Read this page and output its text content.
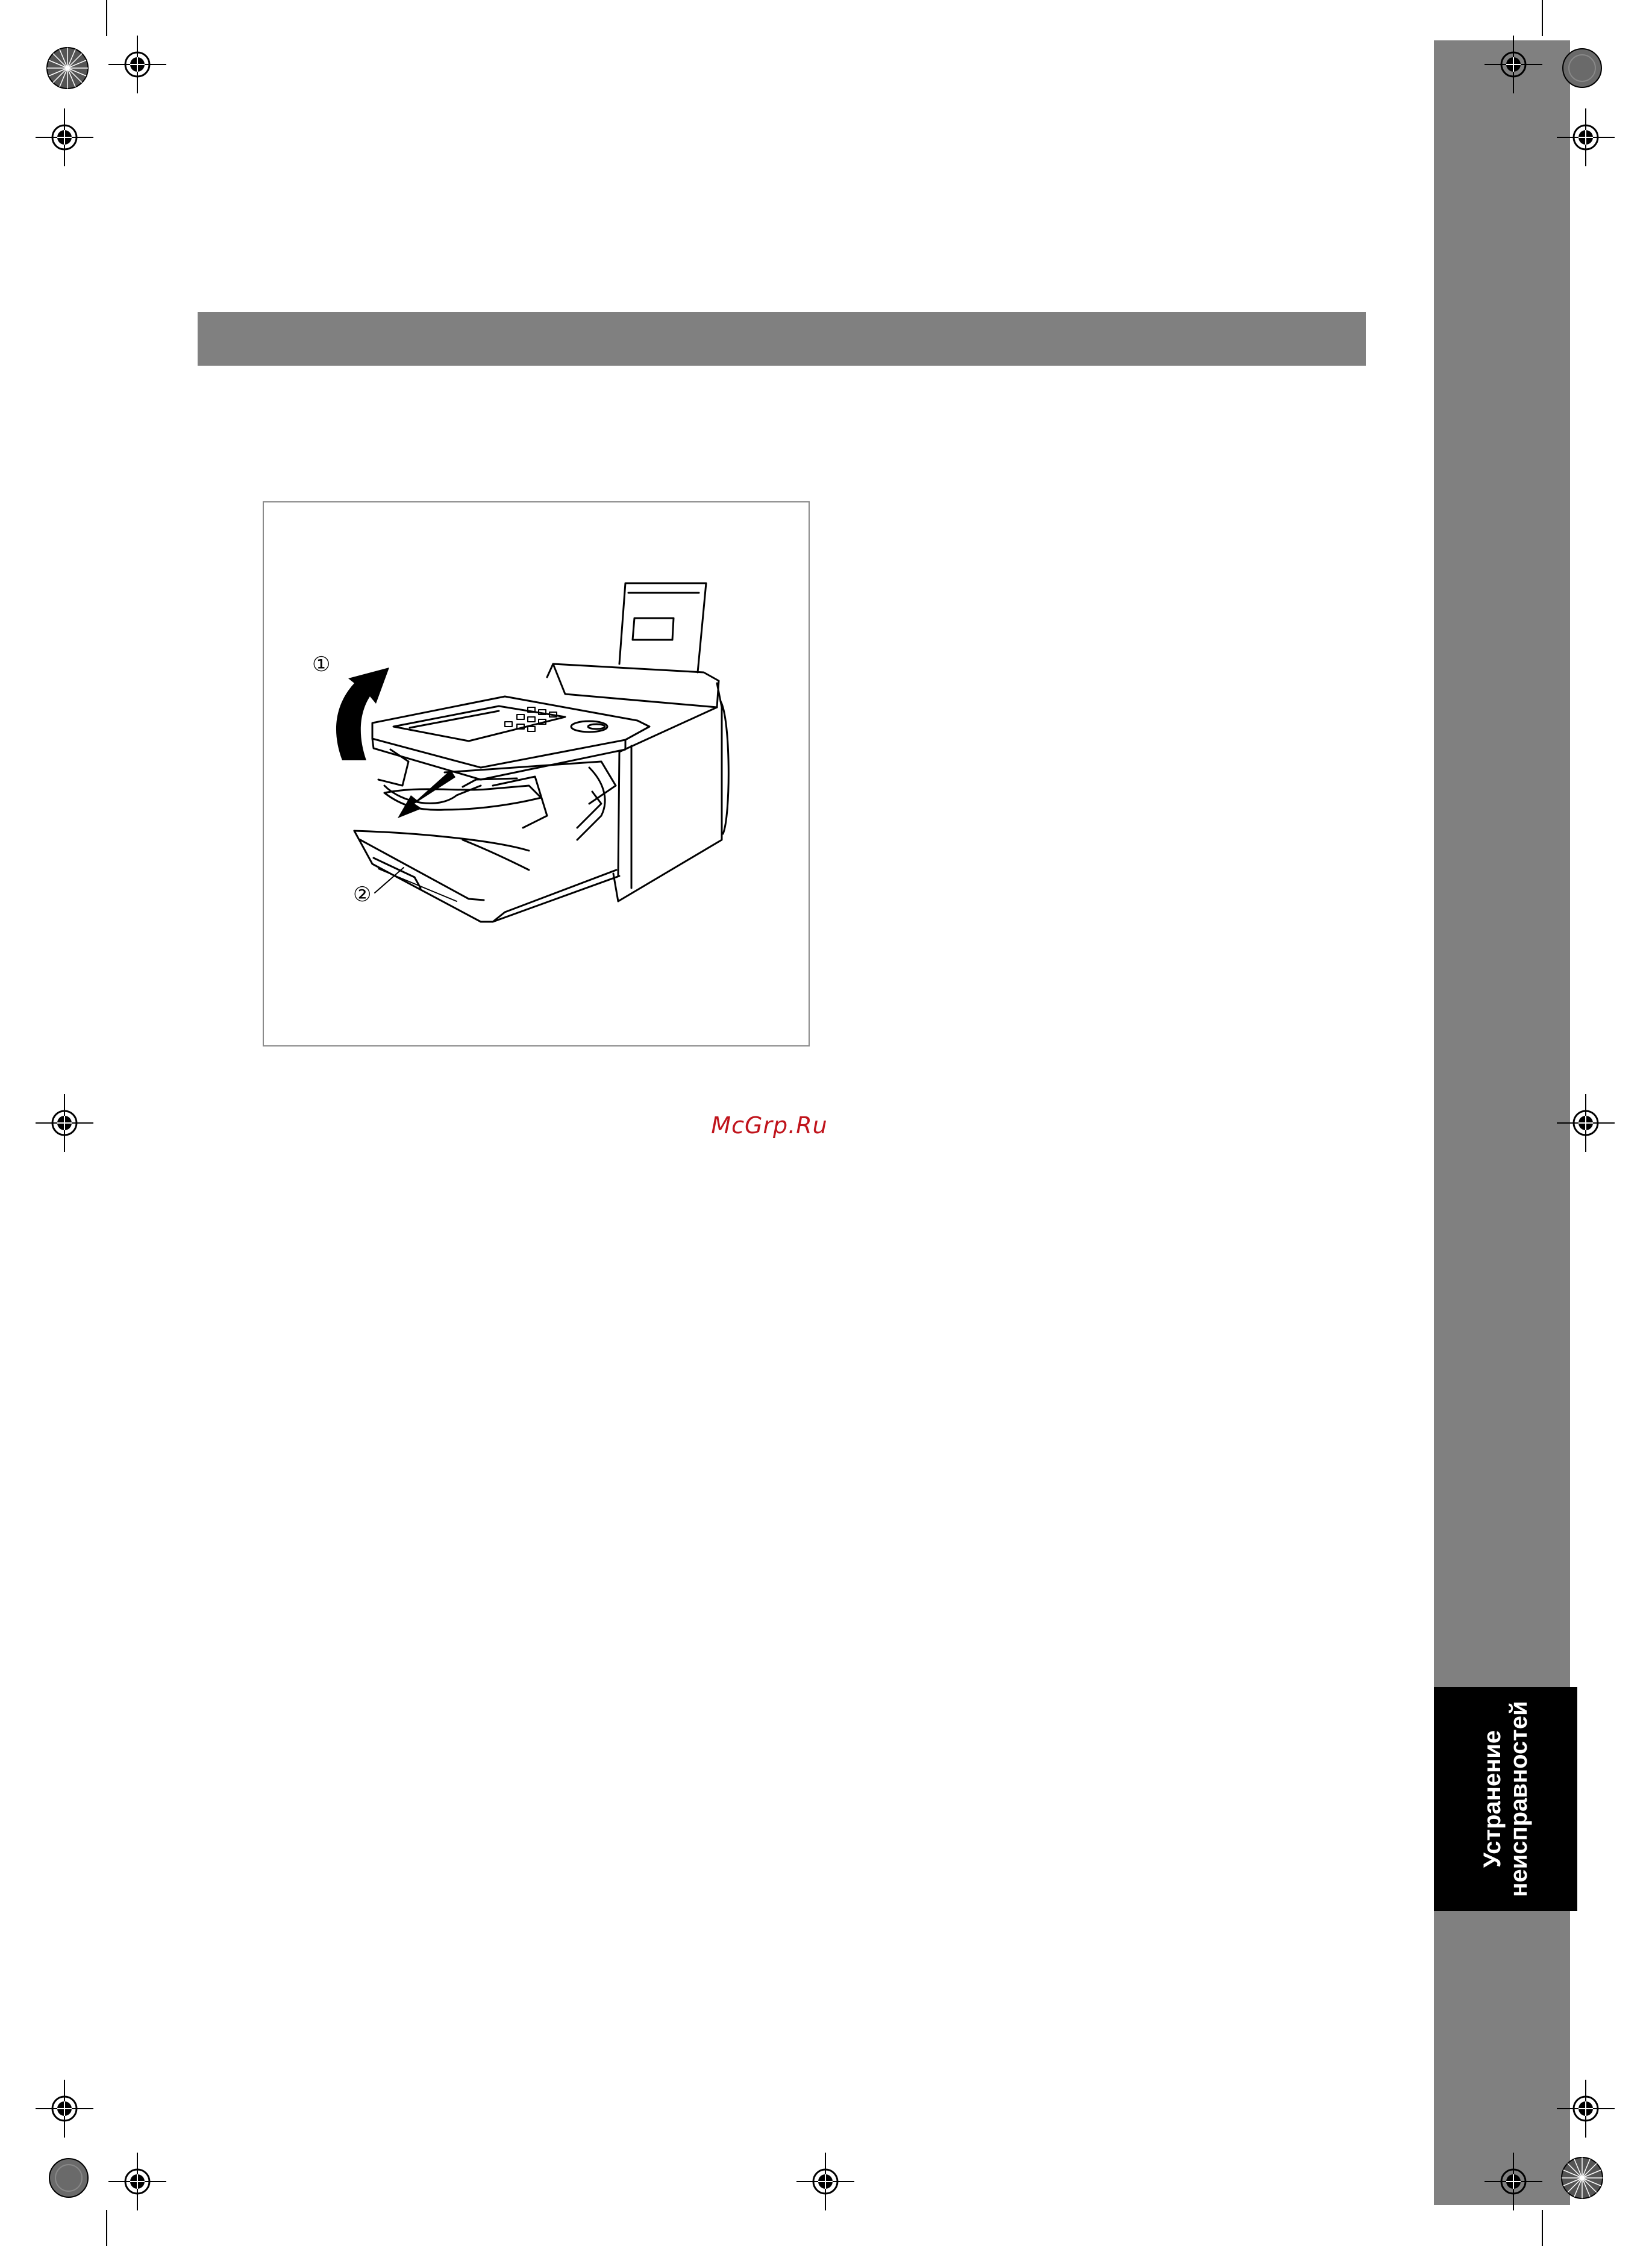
Устранение неисправностей
①
②
McGrp.Ru
